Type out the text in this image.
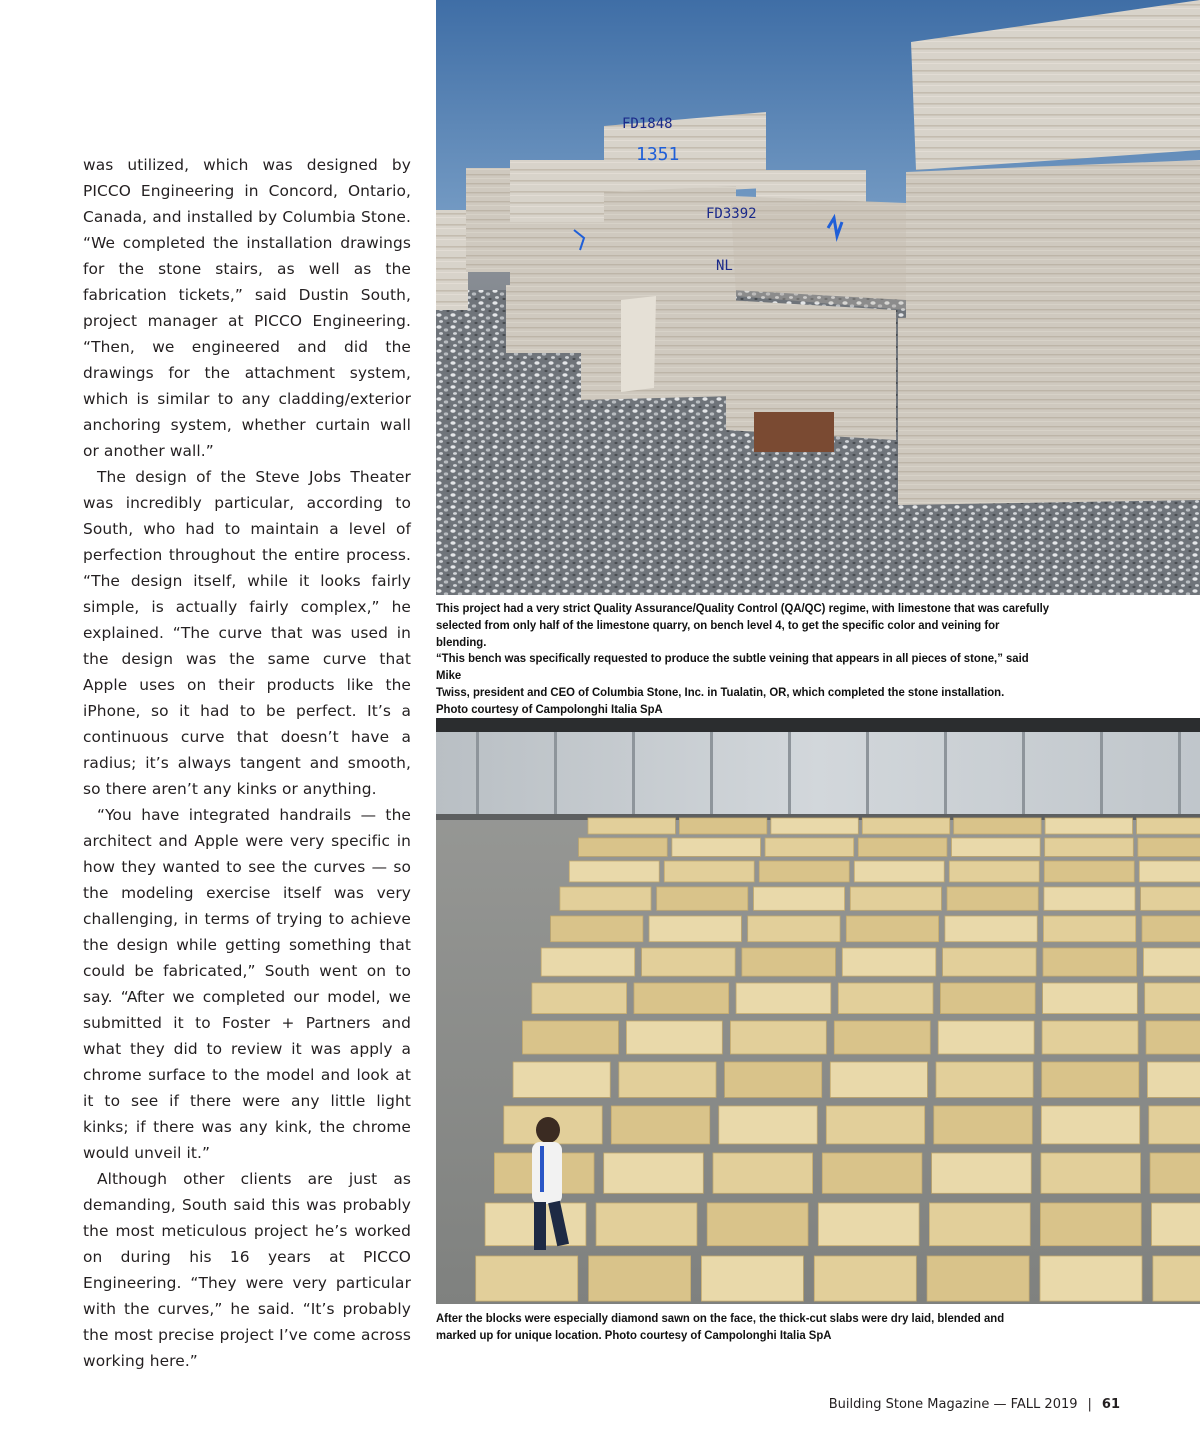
was utilized, which was designed by PICCO Engineering in Concord, Ontario, Canada, and installed by Columbia Stone. “We completed the installation drawings for the stone stairs, as well as the fabrication tickets,” said Dustin South, project manager at PICCO Engineering. “Then, we engineered and did the drawings for the attachment system, which is similar to any cladding/exterior anchoring system, whether curtain wall or another wall.”

The design of the Steve Jobs Theater was incredibly particular, according to South, who had to maintain a level of perfection throughout the entire process. “The design itself, while it looks fairly simple, is actually fairly complex,” he explained. “The curve that was used in the design was the same curve that Apple uses on their products like the iPhone, so it had to be perfect. It’s a continuous curve that doesn’t have a radius; it’s always tangent and smooth, so there aren’t any kinks or anything.

“You have integrated handrails — the architect and Apple were very specific in how they wanted to see the curves — so the modeling exercise itself was very challenging, in terms of trying to achieve the design while getting something that could be fabricated,” South went on to say. “After we completed our model, we submitted it to Foster + Partners and what they did to review it was apply a chrome surface to the model and look at it to see if there were any little light kinks; if there was any kink, the chrome would unveil it.”

Although other clients are just as demanding, South said this was probably the most meticulous project he’s worked on during his 16 years at PICCO Engineering. “They were very particular with the curves,” he said. “It’s probably the most precise project I’ve come across working here.”

FD1848
1351
FD3392
NL

This project had a very strict Quality Assurance/Quality Control (QA/QC) regime, with limestone that was carefully

selected from only half of the limestone quarry, on bench level 4, to get the specific color and veining for blending.

“This bench was specifically requested to produce the subtle veining that appears in all pieces of stone,” said Mike

Twiss, president and CEO of Columbia Stone, Inc. in Tualatin, OR, which completed the stone installation.

Photo courtesy of Campolonghi Italia SpA

After the blocks were especially diamond sawn on the face, the thick-cut slabs were dry laid, blended and

marked up for unique location. Photo courtesy of Campolonghi Italia SpA

Building Stone Magazine — FALL 2019 | 61
